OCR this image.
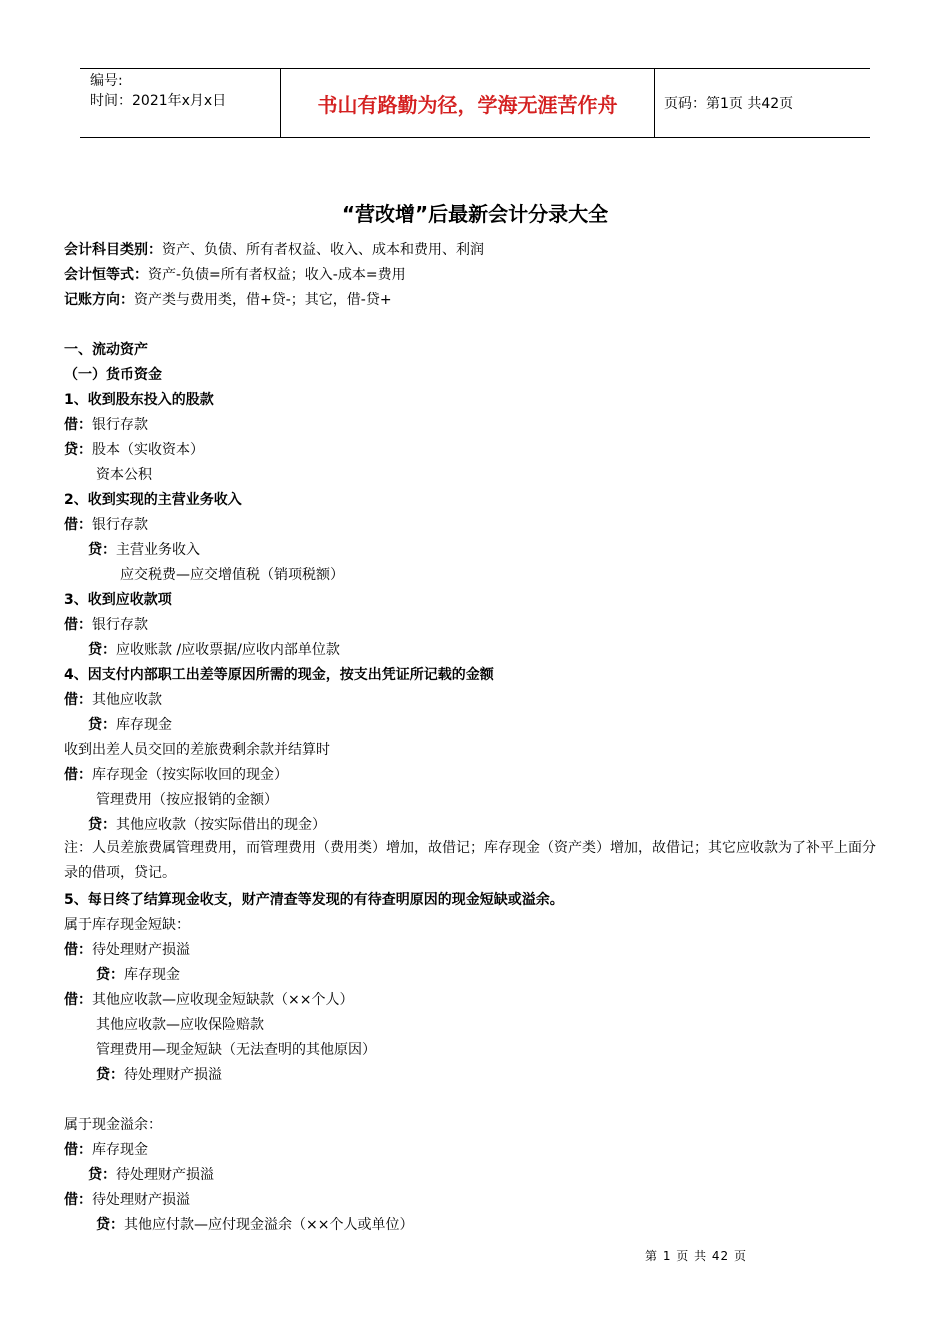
编号:
时间：2021年x月x日	书山有路勤为径，学海无涯苦作舟	页码：第1页 共42页
“营改增”后最新会计分录大全
会计科目类别：资产、负债、所有者权益、收入、成本和费用、利润
会计恒等式：资产-负债=所有者权益；收入-成本=费用
记账方向：资产类与费用类，借+贷-；其它，借-贷+
一、流动资产
（一）货币资金
1、收到股东投入的股款
借：银行存款
贷：股本（实收资本）
资本公积
2、收到实现的主营业务收入
借：银行存款
贷：主营业务收入
应交税费—应交增值税（销项税额）
3、收到应收款项
借：银行存款
贷：应收账款 /应收票据/应收内部单位款
4、因支付内部职工出差等原因所需的现金，按支出凭证所记载的金额
借：其他应收款
贷：库存现金
收到出差人员交回的差旅费剩余款并结算时
借：库存现金（按实际收回的现金）
管理费用（按应报销的金额）
贷：其他应收款（按实际借出的现金）
注：人员差旅费属管理费用，而管理费用（费用类）增加，故借记；库存现金（资产类）增加，故借记；其它应收款为了补平上面分录的借项，贷记。
5、每日终了结算现金收支，财产清查等发现的有待查明原因的现金短缺或溢余。
属于库存现金短缺：
借：待处理财产损溢
贷：库存现金
借：其他应收款—应收现金短缺款（××个人）
其他应收款—应收保险赔款
管理费用—现金短缺（无法查明的其他原因）
贷：待处理财产损溢
属于现金溢余：
借：库存现金
贷：待处理财产损溢
借：待处理财产损溢
贷：其他应付款—应付现金溢余（××个人或单位）
第 1 页 共 42 页
